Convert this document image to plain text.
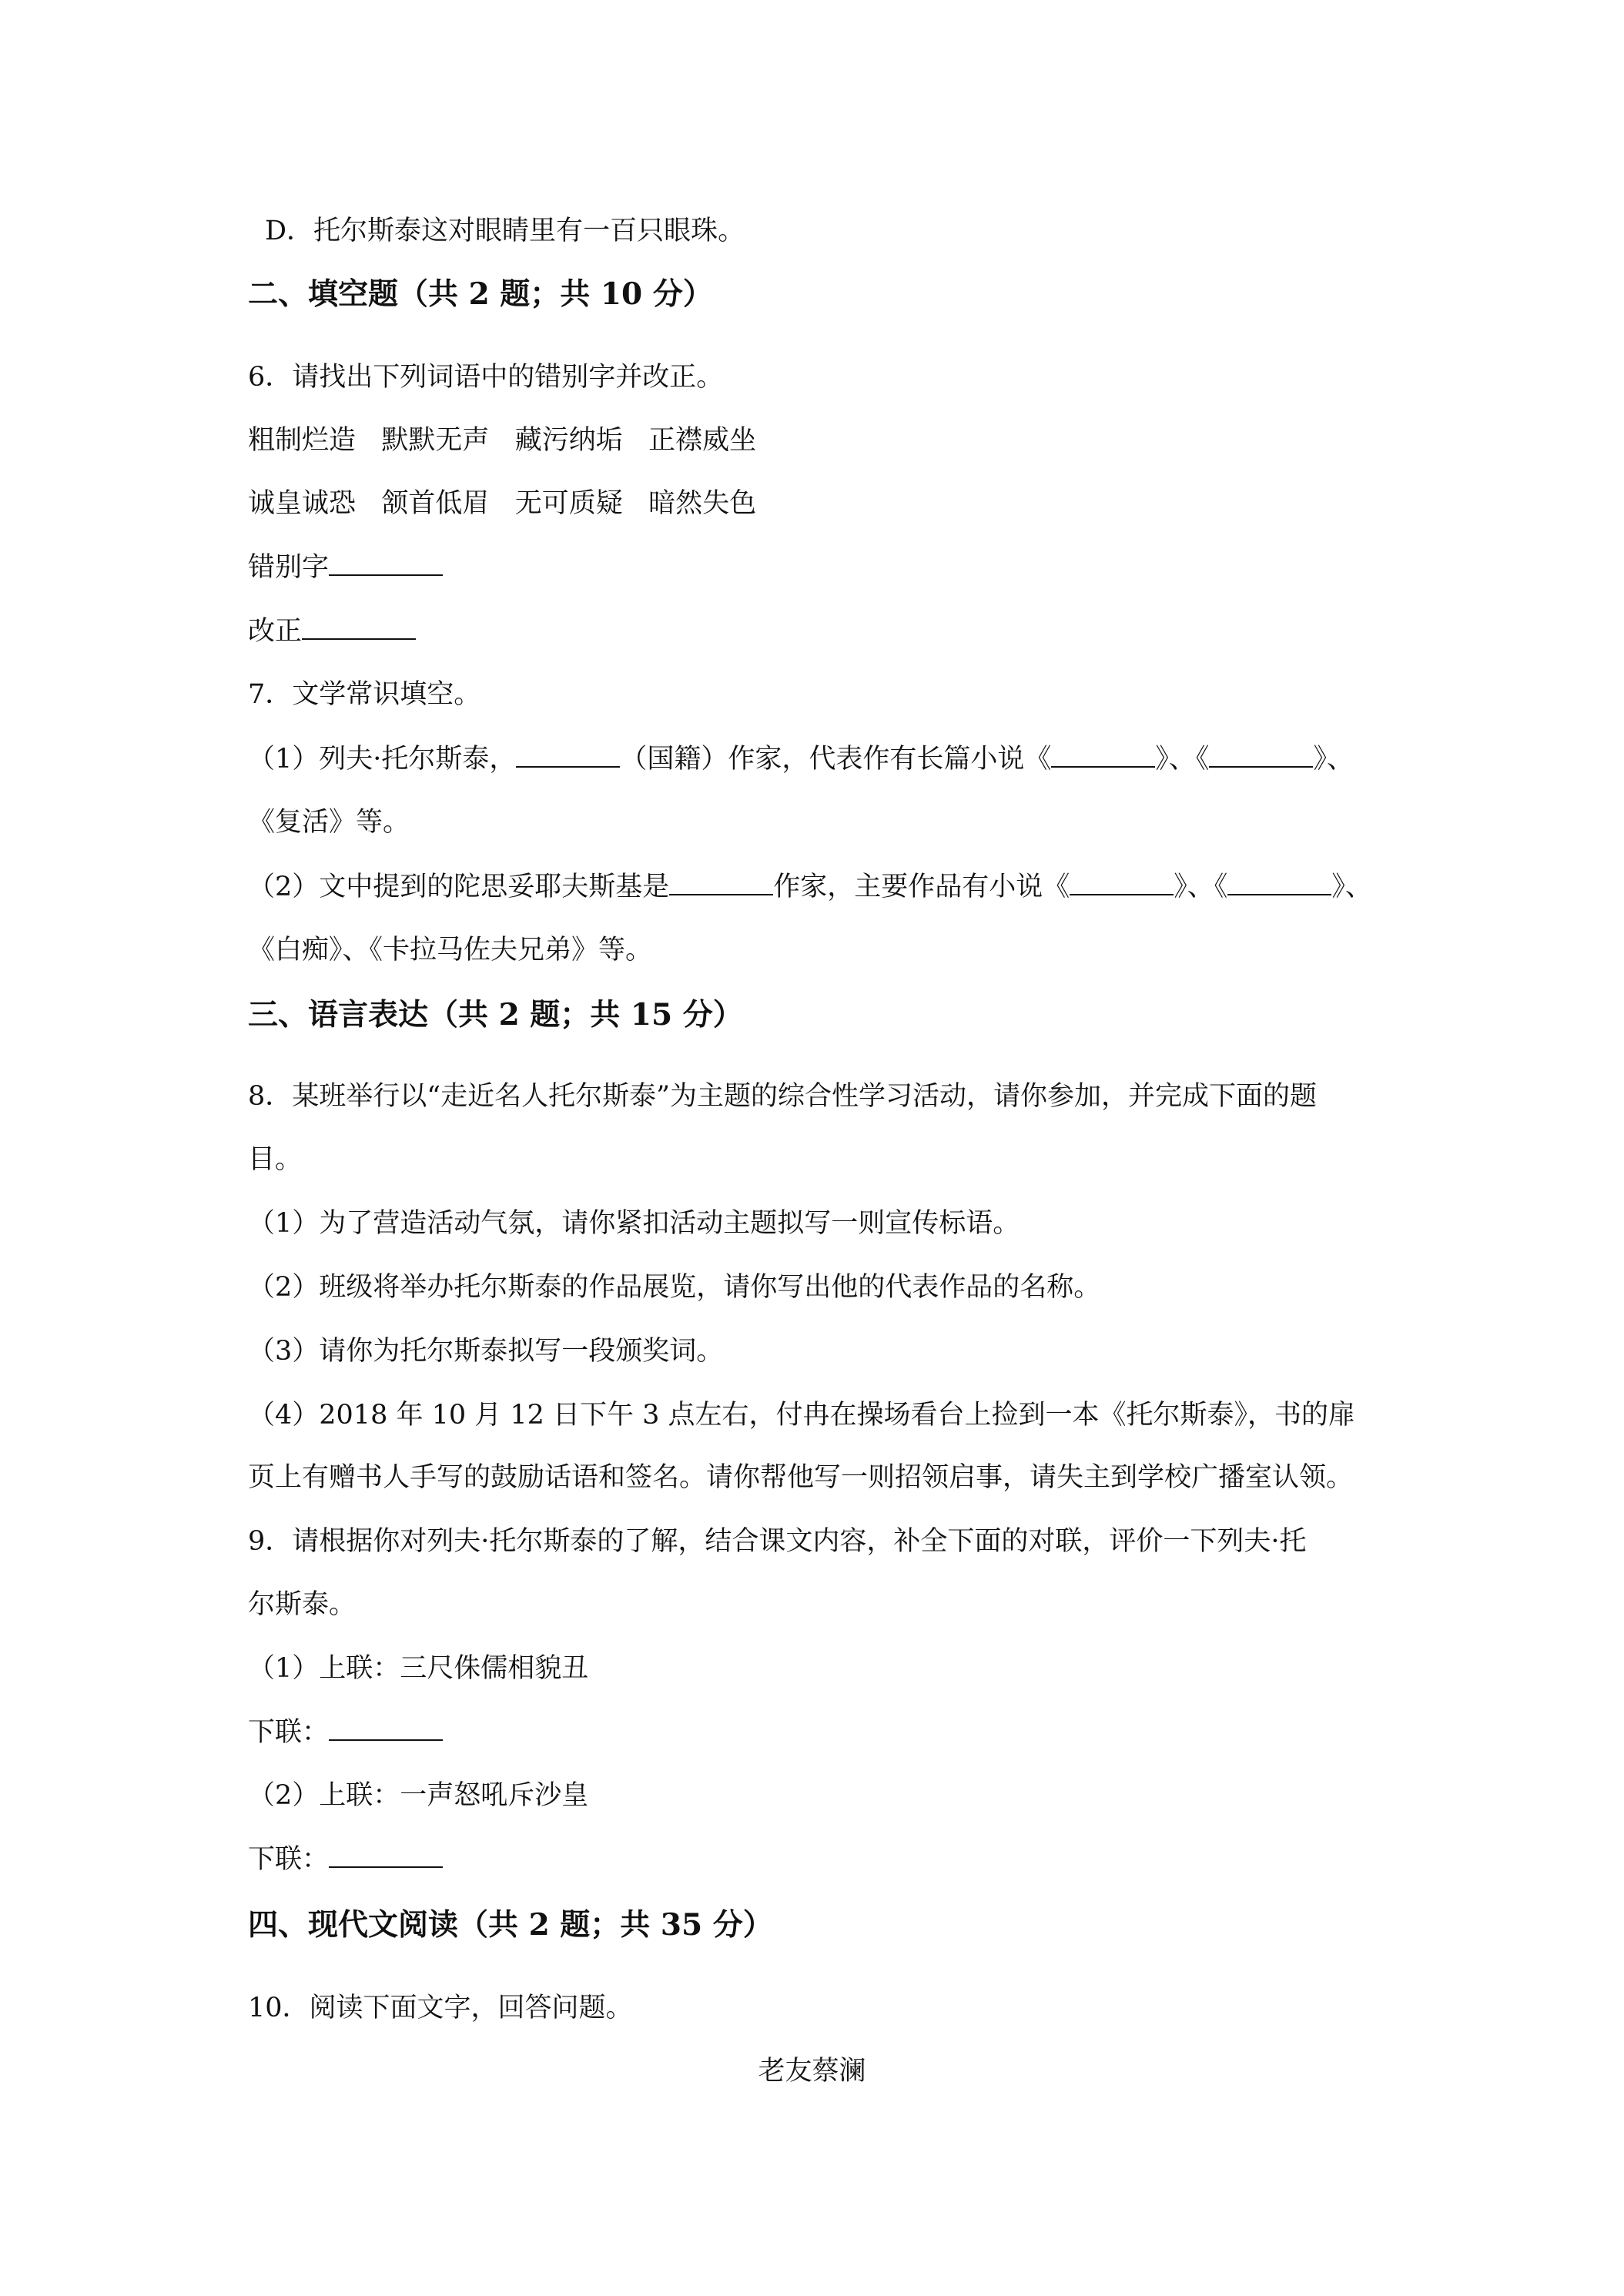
D．托尔斯泰这对眼睛里有一百只眼珠。
二、填空题（共 2 题；共 10 分）
6．请找出下列词语中的错别字并改正。
粗制烂造   默默无声   藏污纳垢   正襟威坐
诚皇诚恐   颔首低眉   无可质疑   暗然失色
错别字
改正
7．文学常识填空。
（1）列夫·托尔斯泰，	（国籍）作家，代表作有长篇小说《	》、《	》、
《复活》等。
（2）文中提到的陀思妥耶夫斯基是	作家，主要作品有小说《	》、《	》、
《白痴》、《卡拉马佐夫兄弟》等。
三、语言表达（共 2 题；共 15 分）
8．某班举行以“走近名人托尔斯泰”为主题的综合性学习活动，请你参加，并完成下面的题
目。
（1）为了营造活动气氛，请你紧扣活动主题拟写一则宣传标语。
（2）班级将举办托尔斯泰的作品展览，请你写出他的代表作品的名称。
（3）请你为托尔斯泰拟写一段颁奖词。
（4）2018 年 10 月 12 日下午 3 点左右，付冉在操场看台上捡到一本《托尔斯泰》，书的扉
页上有赠书人手写的鼓励话语和签名。请你帮他写一则招领启事，请失主到学校广播室认领。
9．请根据你对列夫·托尔斯泰的了解，结合课文内容，补全下面的对联，评价一下列夫·托
尔斯泰。
（1）上联：三尺侏儒相貌丑
下联：
（2）上联：一声怒吼斥沙皇
下联：
四、现代文阅读（共 2 题；共 35 分）
10．阅读下面文字，回答问题。
老友蔡澜
